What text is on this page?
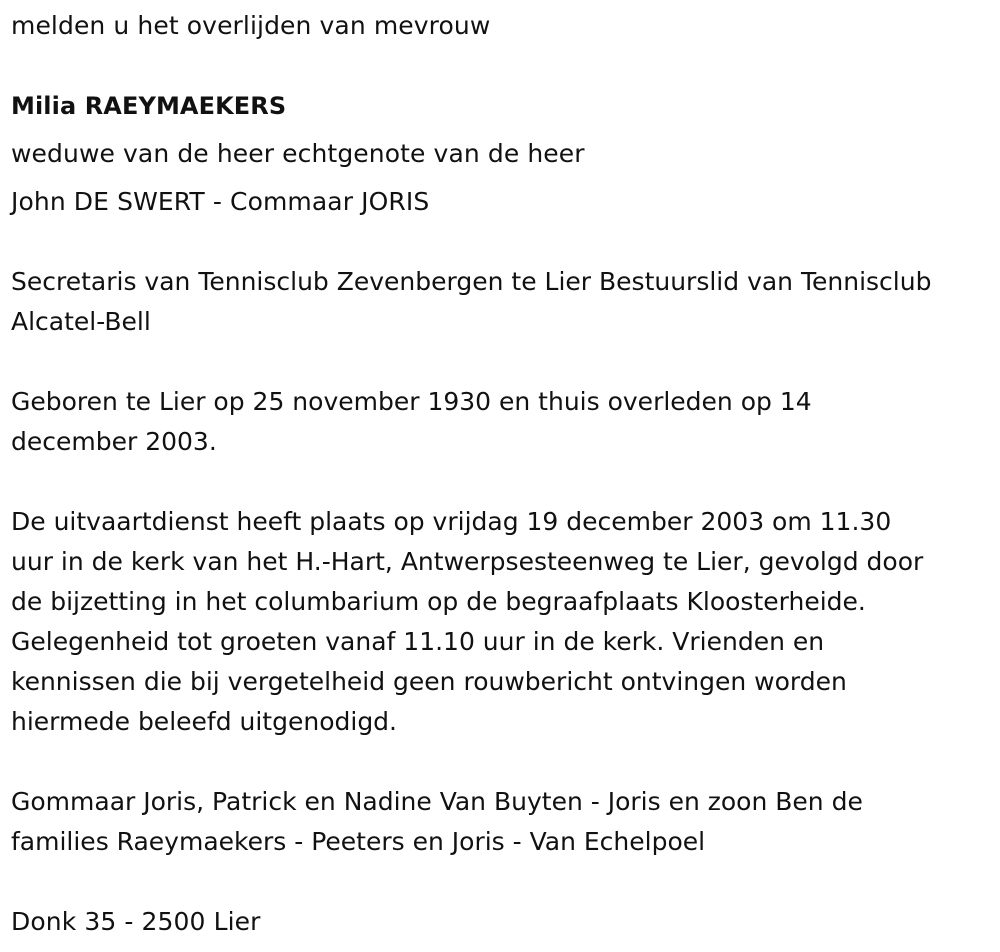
melden u het overlijden van mevrouw
Milia RAEYMAEKERS
weduwe van de heer echtgenote van de heer
John DE SWERT - Commaar JORIS
Secretaris van Tennisclub Zevenbergen te Lier Bestuurslid van Tennisclub
Alcatel-Bell
Geboren te Lier op 25 november 1930 en thuis overleden op 14
december 2003.
De uitvaartdienst heeft plaats op vrijdag 19 december 2003 om 11.30
uur in de kerk van het H.-Hart, Antwerpsesteenweg te Lier, gevolgd door
de bijzetting in het columbarium op de begraafplaats Kloosterheide.
Gelegenheid tot groeten vanaf 11.10 uur in de kerk. Vrienden en
kennissen die bij vergetelheid geen rouwbericht ontvingen worden
hiermede beleefd uitgenodigd.
Gommaar Joris, Patrick en Nadine Van Buyten - Joris en zoon Ben de
families Raeymaekers - Peeters en Joris - Van Echelpoel
Donk 35 - 2500 Lier
